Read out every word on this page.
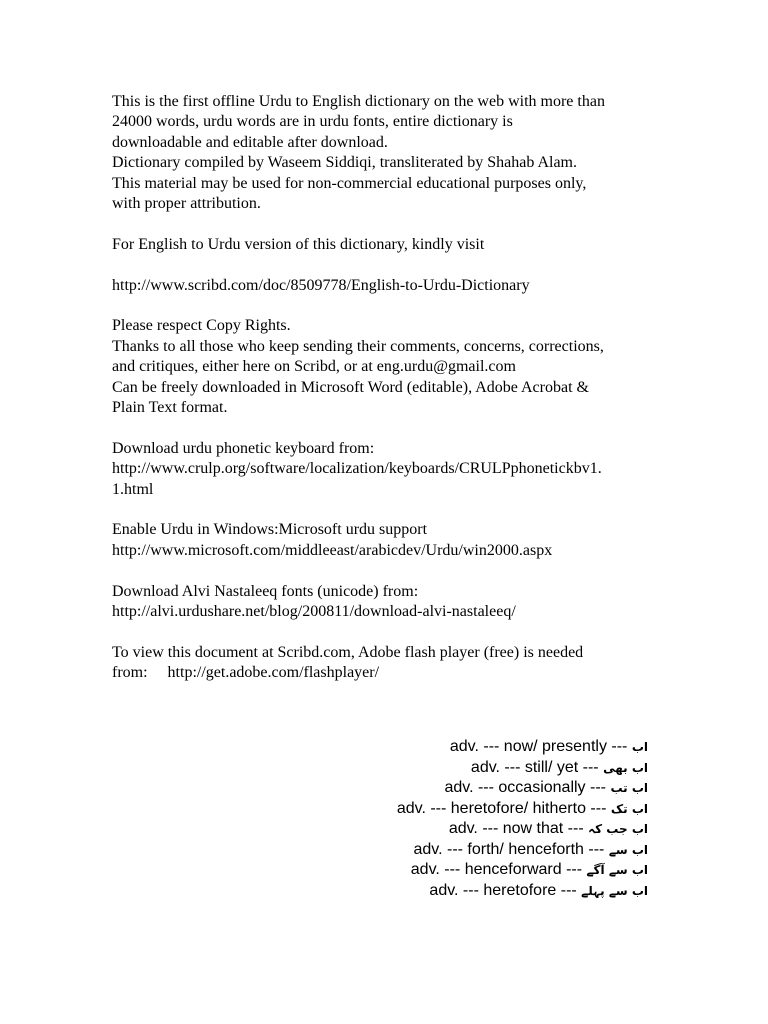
This is the first offline Urdu to English dictionary on the web with more than
24000 words, urdu words are in urdu fonts, entire dictionary is
downloadable and editable after download.
Dictionary compiled by Waseem Siddiqi, transliterated by Shahab Alam.
This material may be used for non-commercial educational purposes only,
with proper attribution.

For English to Urdu version of this dictionary, kindly visit

http://www.scribd.com/doc/8509778/English-to-Urdu-Dictionary

Please respect Copy Rights.
Thanks to all those who keep sending their comments, concerns, corrections,
and critiques, either here on Scribd, or at eng.urdu@gmail.com
Can be freely downloaded in Microsoft Word (editable), Adobe Acrobat &
Plain Text format.

Download urdu phonetic keyboard from:
http://www.crulp.org/software/localization/keyboards/CRULPphonetickbv1.
1.html

Enable Urdu in Windows:Microsoft urdu support
http://www.microsoft.com/middleeast/arabicdev/Urdu/win2000.aspx

Download Alvi Nastaleeq fonts (unicode) from:
http://alvi.urdushare.net/blog/200811/download-alvi-nastaleeq/

To view this document at Scribd.com, Adobe flash player (free) is needed
from:     http://get.adobe.com/flashplayer/

adv. --- now/ presently --- اب
adv. --- still/ yet --- اب بھی
adv. --- occasionally --- اب تب
adv. --- heretofore/ hitherto --- اب تک
adv. --- now that --- اب جب کہ
adv. --- forth/ henceforth --- اب سے
adv. --- henceforward --- اب سے آگے
adv. --- heretofore --- اب سے پہلے
